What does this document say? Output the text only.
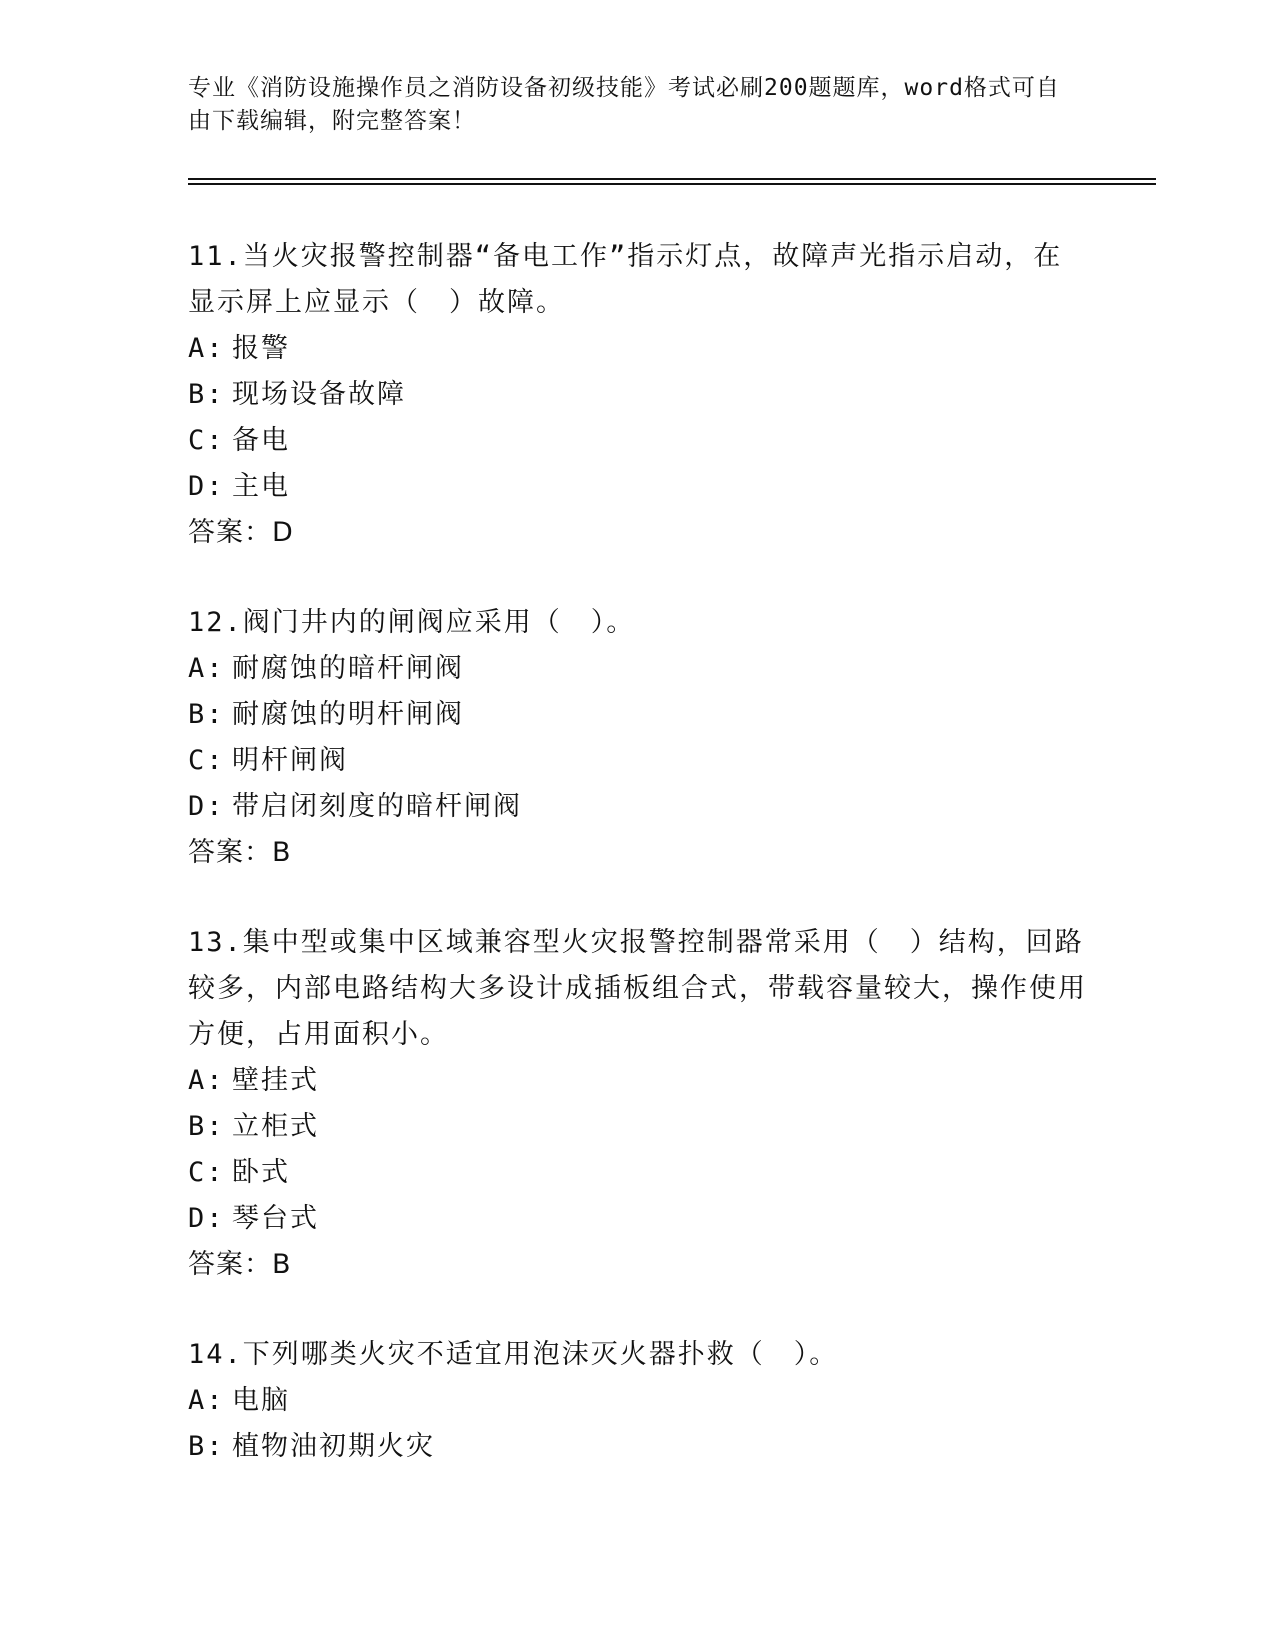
专业《消防设施操作员之消防设备初级技能》考试必刷200题题库，word格式可自由下载编辑，附完整答案！
11.当火灾报警控制器“备电工作”指示灯点，故障声光指示启动，在显示屏上应显示（　）故障。
A: 报警
B: 现场设备故障
C: 备电
D: 主电
答案：D
12.阀门井内的闸阀应采用（　）。
A: 耐腐蚀的暗杆闸阀
B: 耐腐蚀的明杆闸阀
C: 明杆闸阀
D: 带启闭刻度的暗杆闸阀
答案：B
13.集中型或集中区域兼容型火灾报警控制器常采用（　）结构，回路较多，内部电路结构大多设计成插板组合式，带载容量较大，操作使用方便，占用面积小。
A: 壁挂式
B: 立柜式
C: 卧式
D: 琴台式
答案：B
14.下列哪类火灾不适宜用泡沫灭火器扑救（　）。
A: 电脑
B: 植物油初期火灾
